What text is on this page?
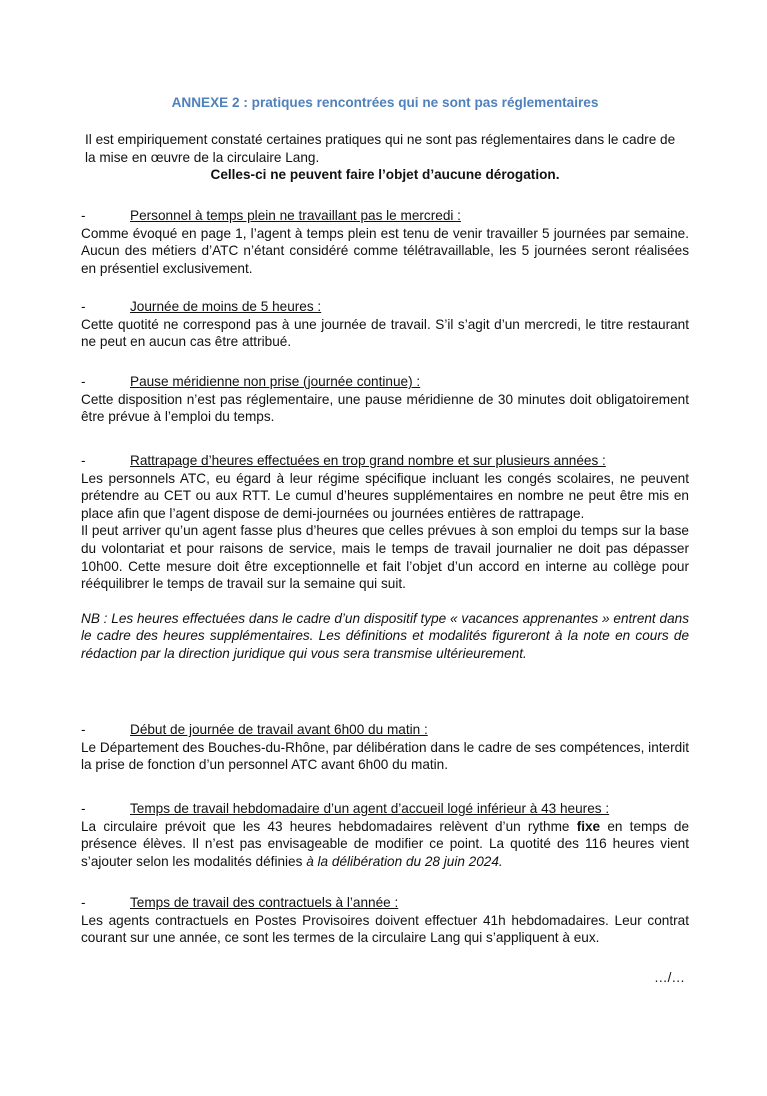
ANNEXE 2 : pratiques rencontrées qui ne sont pas réglementaires

Il est empiriquement constaté certaines pratiques qui ne sont pas réglementaires dans le cadre de la mise en œuvre de la circulaire Lang.

Celles-ci ne peuvent faire l’objet d’aucune dérogation.

-	Personnel à temps plein ne travaillant pas le mercredi :

Comme évoqué en page 1, l’agent à temps plein est tenu de venir travailler 5 journées par semaine. Aucun des métiers d’ATC n’étant considéré comme télétravaillable, les 5 journées seront réalisées en présentiel exclusivement.

-	Journée de moins de 5 heures :

Cette quotité ne correspond pas à une journée de travail. S’il s’agit d’un mercredi, le titre restaurant ne peut en aucun cas être attribué.

-	Pause méridienne non prise (journée continue) :

Cette disposition n’est pas réglementaire, une pause méridienne de 30 minutes doit obligatoirement être prévue à l’emploi du temps.

-	Rattrapage d’heures effectuées en trop grand nombre et sur plusieurs années :

Les personnels ATC, eu égard à leur régime spécifique incluant les congés scolaires, ne peuvent prétendre au CET ou aux RTT. Le cumul d’heures supplémentaires en nombre ne peut être mis en place afin que l’agent dispose de demi-journées ou journées entières de rattrapage.

Il peut arriver qu’un agent fasse plus d’heures que celles prévues à son emploi du temps sur la base du volontariat et pour raisons de service, mais le temps de travail journalier ne doit pas dépasser 10h00. Cette mesure doit être exceptionnelle et fait l’objet d’un accord en interne au collège pour rééquilibrer le temps de travail sur la semaine qui suit.

NB : Les heures effectuées dans le cadre d’un dispositif type « vacances apprenantes » entrent dans le cadre des heures supplémentaires. Les définitions et modalités figureront à la note en cours de rédaction par la direction juridique qui vous sera transmise ultérieurement.

-	Début de journée de travail avant 6h00 du matin :

Le Département des Bouches-du-Rhône, par délibération dans le cadre de ses compétences, interdit la prise de fonction d’un personnel ATC avant 6h00 du matin.

-	Temps de travail hebdomadaire d’un agent d’accueil logé inférieur à 43 heures :

La circulaire prévoit que les 43 heures hebdomadaires relèvent d’un rythme fixe en temps de présence élèves. Il n’est pas envisageable de modifier ce point. La quotité des 116 heures vient s’ajouter selon les modalités définies à la délibération du 28 juin 2024.

-	Temps de travail des contractuels à l’année :

Les agents contractuels en Postes Provisoires doivent effectuer 41h hebdomadaires. Leur contrat courant sur une année, ce sont les termes de la circulaire Lang qui s’appliquent à eux.

…/…
